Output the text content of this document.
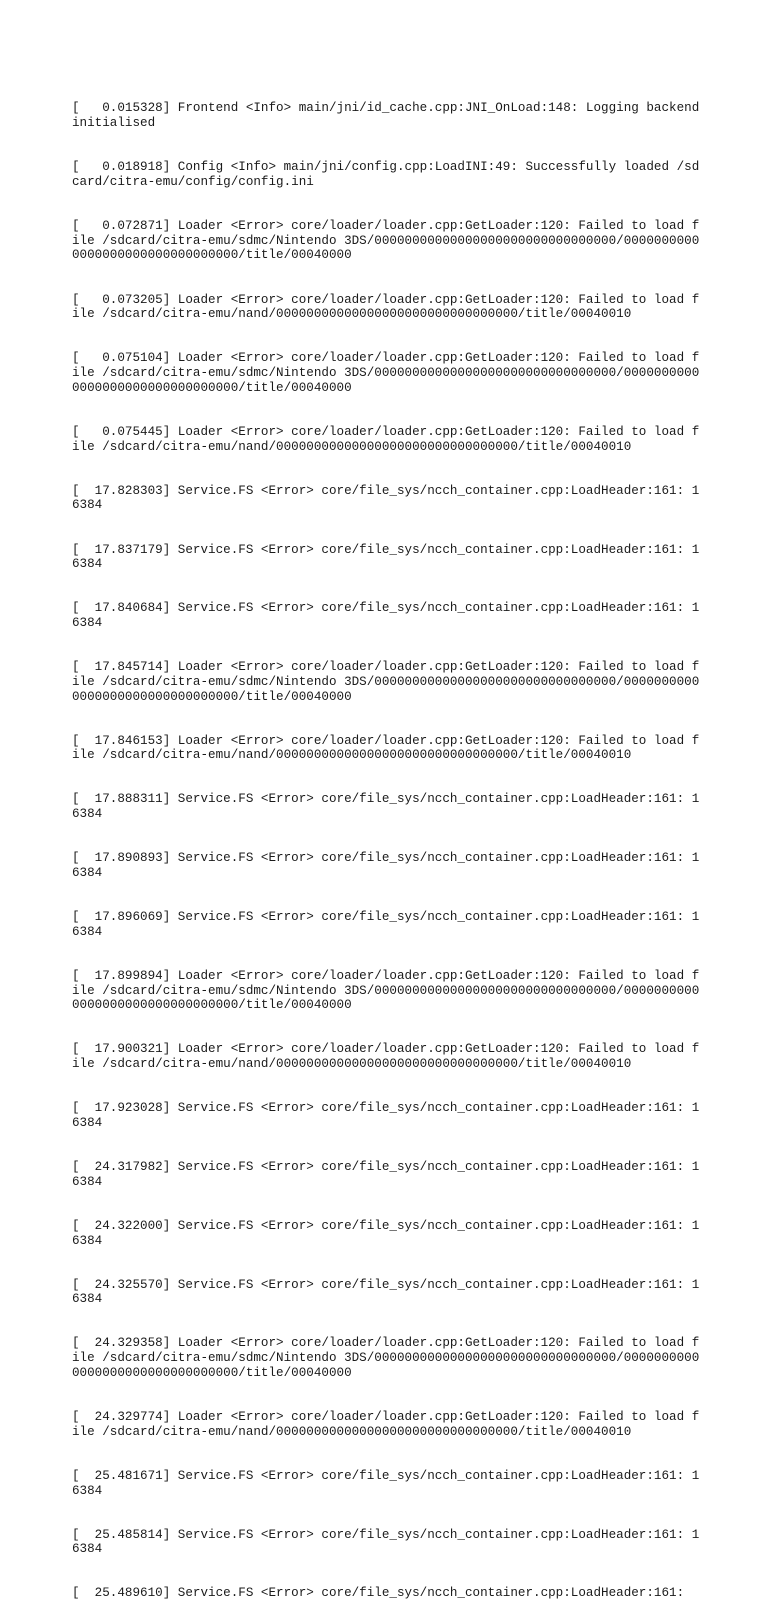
[   0.015328] Frontend <Info> main/jni/id_cache.cpp:JNI_OnLoad:148: Logging backend initialised

[   0.018918] Config <Info> main/jni/config.cpp:LoadINI:49: Successfully loaded /sdcard/citra-emu/config/config.ini

[   0.072871] Loader <Error> core/loader/loader.cpp:GetLoader:120: Failed to load file /sdcard/citra-emu/sdmc/Nintendo 3DS/00000000000000000000000000000000/00000000000000000000000000000000/title/00040000

[   0.073205] Loader <Error> core/loader/loader.cpp:GetLoader:120: Failed to load file /sdcard/citra-emu/nand/00000000000000000000000000000000/title/00040010

[   0.075104] Loader <Error> core/loader/loader.cpp:GetLoader:120: Failed to load file /sdcard/citra-emu/sdmc/Nintendo 3DS/00000000000000000000000000000000/00000000000000000000000000000000/title/00040000

[   0.075445] Loader <Error> core/loader/loader.cpp:GetLoader:120: Failed to load file /sdcard/citra-emu/nand/00000000000000000000000000000000/title/00040010

[  17.828303] Service.FS <Error> core/file_sys/ncch_container.cpp:LoadHeader:161: 16384

[  17.837179] Service.FS <Error> core/file_sys/ncch_container.cpp:LoadHeader:161: 16384

[  17.840684] Service.FS <Error> core/file_sys/ncch_container.cpp:LoadHeader:161: 16384

[  17.845714] Loader <Error> core/loader/loader.cpp:GetLoader:120: Failed to load file /sdcard/citra-emu/sdmc/Nintendo 3DS/00000000000000000000000000000000/00000000000000000000000000000000/title/00040000

[  17.846153] Loader <Error> core/loader/loader.cpp:GetLoader:120: Failed to load file /sdcard/citra-emu/nand/00000000000000000000000000000000/title/00040010

[  17.888311] Service.FS <Error> core/file_sys/ncch_container.cpp:LoadHeader:161: 16384

[  17.890893] Service.FS <Error> core/file_sys/ncch_container.cpp:LoadHeader:161: 16384

[  17.896069] Service.FS <Error> core/file_sys/ncch_container.cpp:LoadHeader:161: 16384

[  17.899894] Loader <Error> core/loader/loader.cpp:GetLoader:120: Failed to load file /sdcard/citra-emu/sdmc/Nintendo 3DS/00000000000000000000000000000000/00000000000000000000000000000000/title/00040000

[  17.900321] Loader <Error> core/loader/loader.cpp:GetLoader:120: Failed to load file /sdcard/citra-emu/nand/00000000000000000000000000000000/title/00040010

[  17.923028] Service.FS <Error> core/file_sys/ncch_container.cpp:LoadHeader:161: 16384

[  24.317982] Service.FS <Error> core/file_sys/ncch_container.cpp:LoadHeader:161: 16384

[  24.322000] Service.FS <Error> core/file_sys/ncch_container.cpp:LoadHeader:161: 16384

[  24.325570] Service.FS <Error> core/file_sys/ncch_container.cpp:LoadHeader:161: 16384

[  24.329358] Loader <Error> core/loader/loader.cpp:GetLoader:120: Failed to load file /sdcard/citra-emu/sdmc/Nintendo 3DS/00000000000000000000000000000000/00000000000000000000000000000000/title/00040000

[  24.329774] Loader <Error> core/loader/loader.cpp:GetLoader:120: Failed to load file /sdcard/citra-emu/nand/00000000000000000000000000000000/title/00040010

[  25.481671] Service.FS <Error> core/file_sys/ncch_container.cpp:LoadHeader:161: 16384

[  25.485814] Service.FS <Error> core/file_sys/ncch_container.cpp:LoadHeader:161: 16384

[  25.489610] Service.FS <Error> core/file_sys/ncch_container.cpp:LoadHeader:161:
